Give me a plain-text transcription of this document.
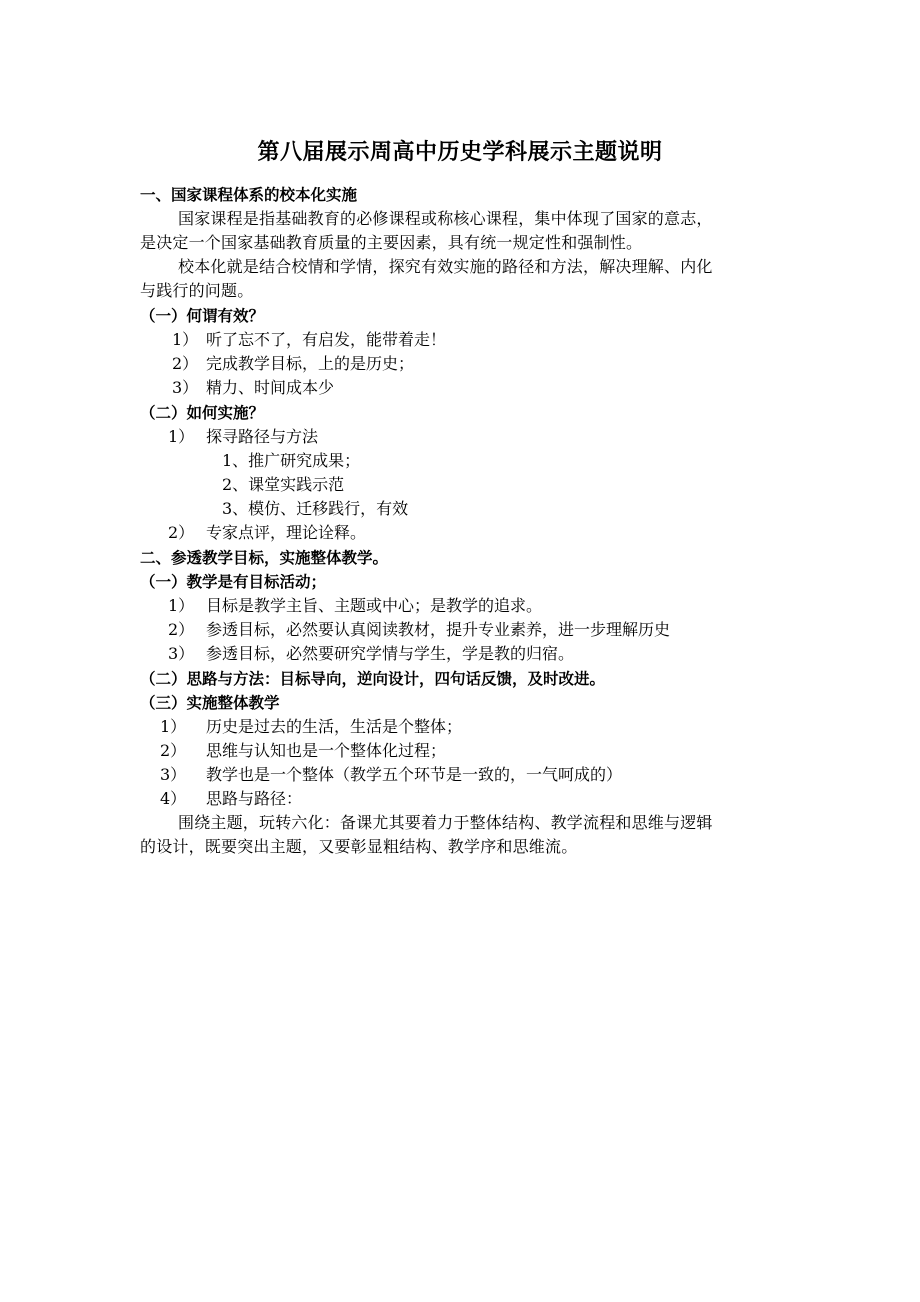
第八届展示周高中历史学科展示主题说明
一、国家课程体系的校本化实施
国家课程是指基础教育的必修课程或称核心课程，集中体现了国家的意志，
是决定一个国家基础教育质量的主要因素，具有统一规定性和强制性。
校本化就是结合校情和学情，探究有效实施的路径和方法，解决理解、内化
与践行的问题。
（一）何谓有效？
1） 听了忘不了，有启发，能带着走！
2） 完成教学目标，上的是历史；
3） 精力、时间成本少
（二）如何实施？
1） 探寻路径与方法
1、推广研究成果；
2、课堂实践示范
3、模仿、迁移践行，有效
2） 专家点评，理论诠释。
二、参透教学目标，实施整体教学。
（一）教学是有目标活动；
1） 目标是教学主旨、主题或中心；是教学的追求。
2） 参透目标，必然要认真阅读教材，提升专业素养，进一步理解历史
3） 参透目标，必然要研究学情与学生，学是教的归宿。
（二）思路与方法：目标导向，逆向设计，四句话反馈，及时改进。
（三）实施整体教学
1） 历史是过去的生活，生活是个整体；
2） 思维与认知也是一个整体化过程；
3） 教学也是一个整体（教学五个环节是一致的，一气呵成的）
4） 思路与路径：
围绕主题，玩转六化：备课尤其要着力于整体结构、教学流程和思维与逻辑
的设计，既要突出主题，又要彰显粗结构、教学序和思维流。
